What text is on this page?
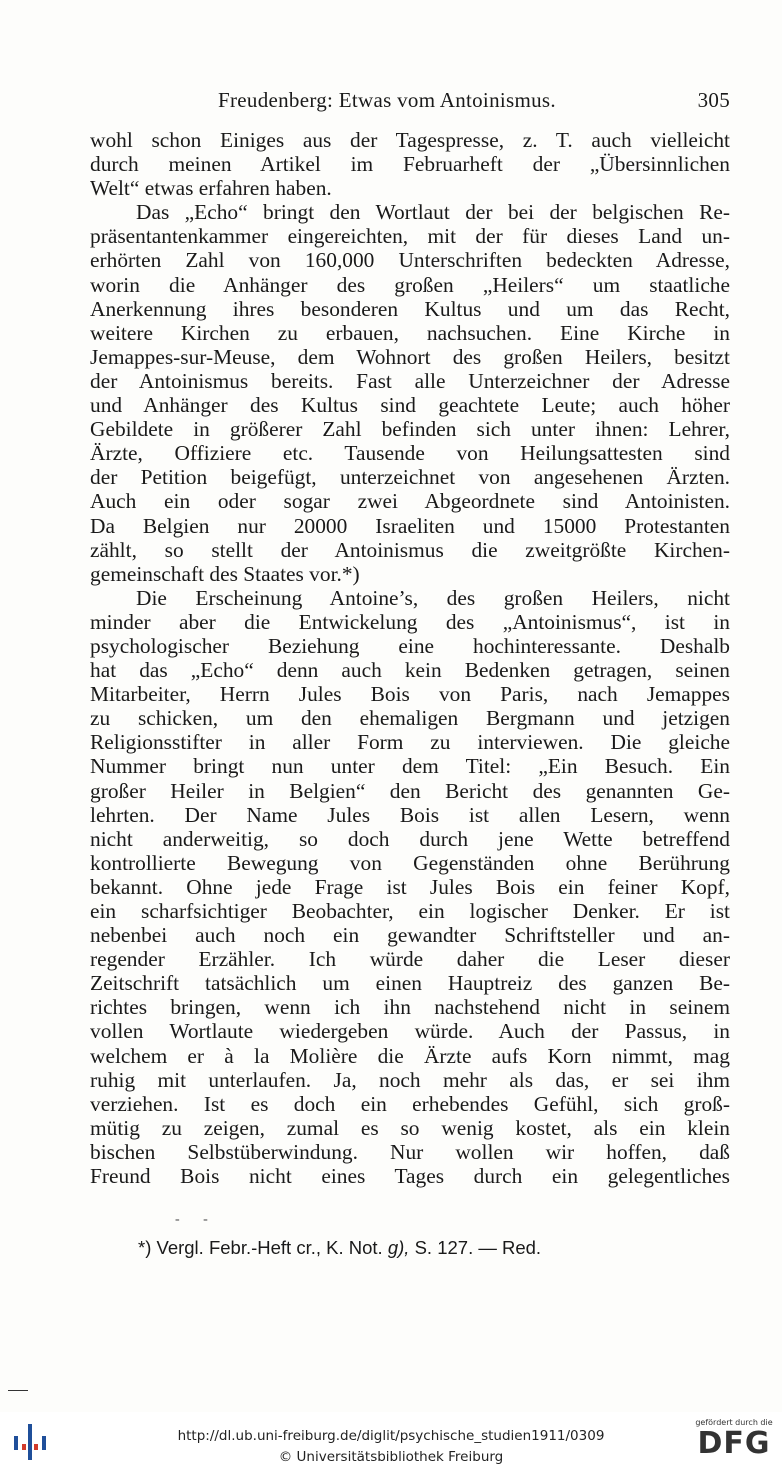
Freudenberg: Etwas vom Antoinismus.	305
wohl schon Einiges aus der Tagespresse, z. T. auch vielleicht
durch meinen Artikel im Februarheft der „Übersinnlichen
Welt“ etwas erfahren haben.
Das „Echo“ bringt den Wortlaut der bei der belgischen Re-
präsentantenkammer eingereichten, mit der für dieses Land un-
erhörten Zahl von 160,000 Unterschriften bedeckten Adresse,
worin die Anhänger des großen „Heilers“ um staatliche
Anerkennung ihres besonderen Kultus und um das Recht,
weitere Kirchen zu erbauen, nachsuchen. Eine Kirche in
Jemappes-sur-Meuse, dem Wohnort des großen Heilers, besitzt
der Antoinismus bereits. Fast alle Unterzeichner der Adresse
und Anhänger des Kultus sind geachtete Leute; auch höher
Gebildete in größerer Zahl befinden sich unter ihnen: Lehrer,
Ärzte, Offiziere etc. Tausende von Heilungsattesten sind
der Petition beigefügt, unterzeichnet von angesehenen Ärzten.
Auch ein oder sogar zwei Abgeordnete sind Antoinisten.
Da Belgien nur 20000 Israeliten und 15000 Protestanten
zählt, so stellt der Antoinismus die zweitgrößte Kirchen-
gemeinschaft des Staates vor.*)
Die Erscheinung Antoine’s, des großen Heilers, nicht
minder aber die Entwickelung des „Antoinismus“, ist in
psychologischer Beziehung eine hochinteressante. Deshalb
hat das „Echo“ denn auch kein Bedenken getragen, seinen
Mitarbeiter, Herrn Jules Bois von Paris, nach Jemappes
zu schicken, um den ehemaligen Bergmann und jetzigen
Religionsstifter in aller Form zu interviewen. Die gleiche
Nummer bringt nun unter dem Titel: „Ein Besuch. Ein
großer Heiler in Belgien“ den Bericht des genannten Ge-
lehrten. Der Name Jules Bois ist allen Lesern, wenn
nicht anderweitig, so doch durch jene Wette betreffend
kontrollierte Bewegung von Gegenständen ohne Berührung
bekannt. Ohne jede Frage ist Jules Bois ein feiner Kopf,
ein scharfsichtiger Beobachter, ein logischer Denker. Er ist
nebenbei auch noch ein gewandter Schriftsteller und an-
regender Erzähler. Ich würde daher die Leser dieser
Zeitschrift tatsächlich um einen Hauptreiz des ganzen Be-
richtes bringen, wenn ich ihn nachstehend nicht in seinem
vollen Wortlaute wiedergeben würde. Auch der Passus, in
welchem er à la Molière die Ärzte aufs Korn nimmt, mag
ruhig mit unterlaufen. Ja, noch mehr als das, er sei ihm
verziehen. Ist es doch ein erhebendes Gefühl, sich groß-
mütig zu zeigen, zumal es so wenig kostet, als ein klein
bischen Selbstüberwindung. Nur wollen wir hoffen, daß
Freund Bois nicht eines Tages durch ein gelegentliches
- -
*) Vergl. Febr.-Heft cr., K. Not. g), S. 127. — Red.
http://dl.ub.uni-freiburg.de/diglit/psychische_studien1911/0309
© Universitätsbibliothek Freiburg
gefördert durch die
DFG
